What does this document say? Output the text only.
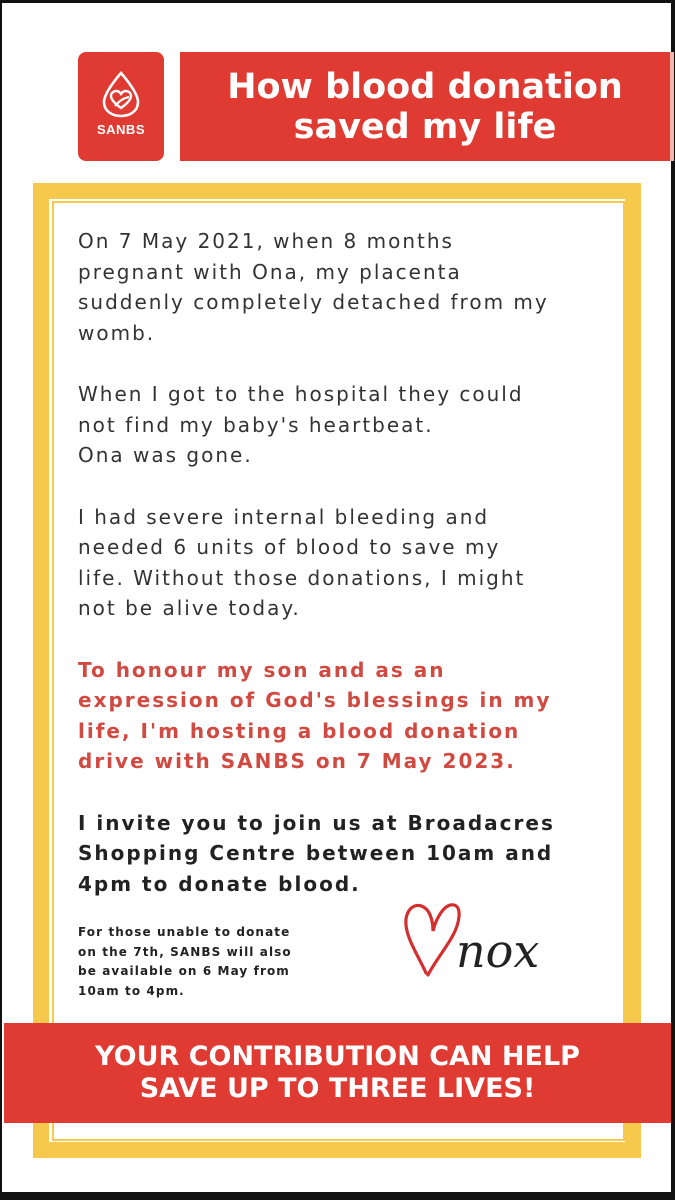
SANBS
How blood donation
saved my life

On 7 May 2021, when 8 months
pregnant with Ona, my placenta
suddenly completely detached from my
womb.

When I got to the hospital they could
not find my baby's heartbeat.
Ona was gone.

I had severe internal bleeding and
needed 6 units of blood to save my
life. Without those donations, I might
not be alive today.

To honour my son and as an
expression of God's blessings in my
life, I'm hosting a blood donation
drive with SANBS on 7 May 2023.

I invite you to join us at Broadacres
Shopping Centre between 10am and
4pm to donate blood.

For those unable to donate
on the 7th, SANBS will also
be available on 6 May from
10am to 4pm.
nox
YOUR CONTRIBUTION CAN HELP
SAVE UP TO THREE LIVES!
